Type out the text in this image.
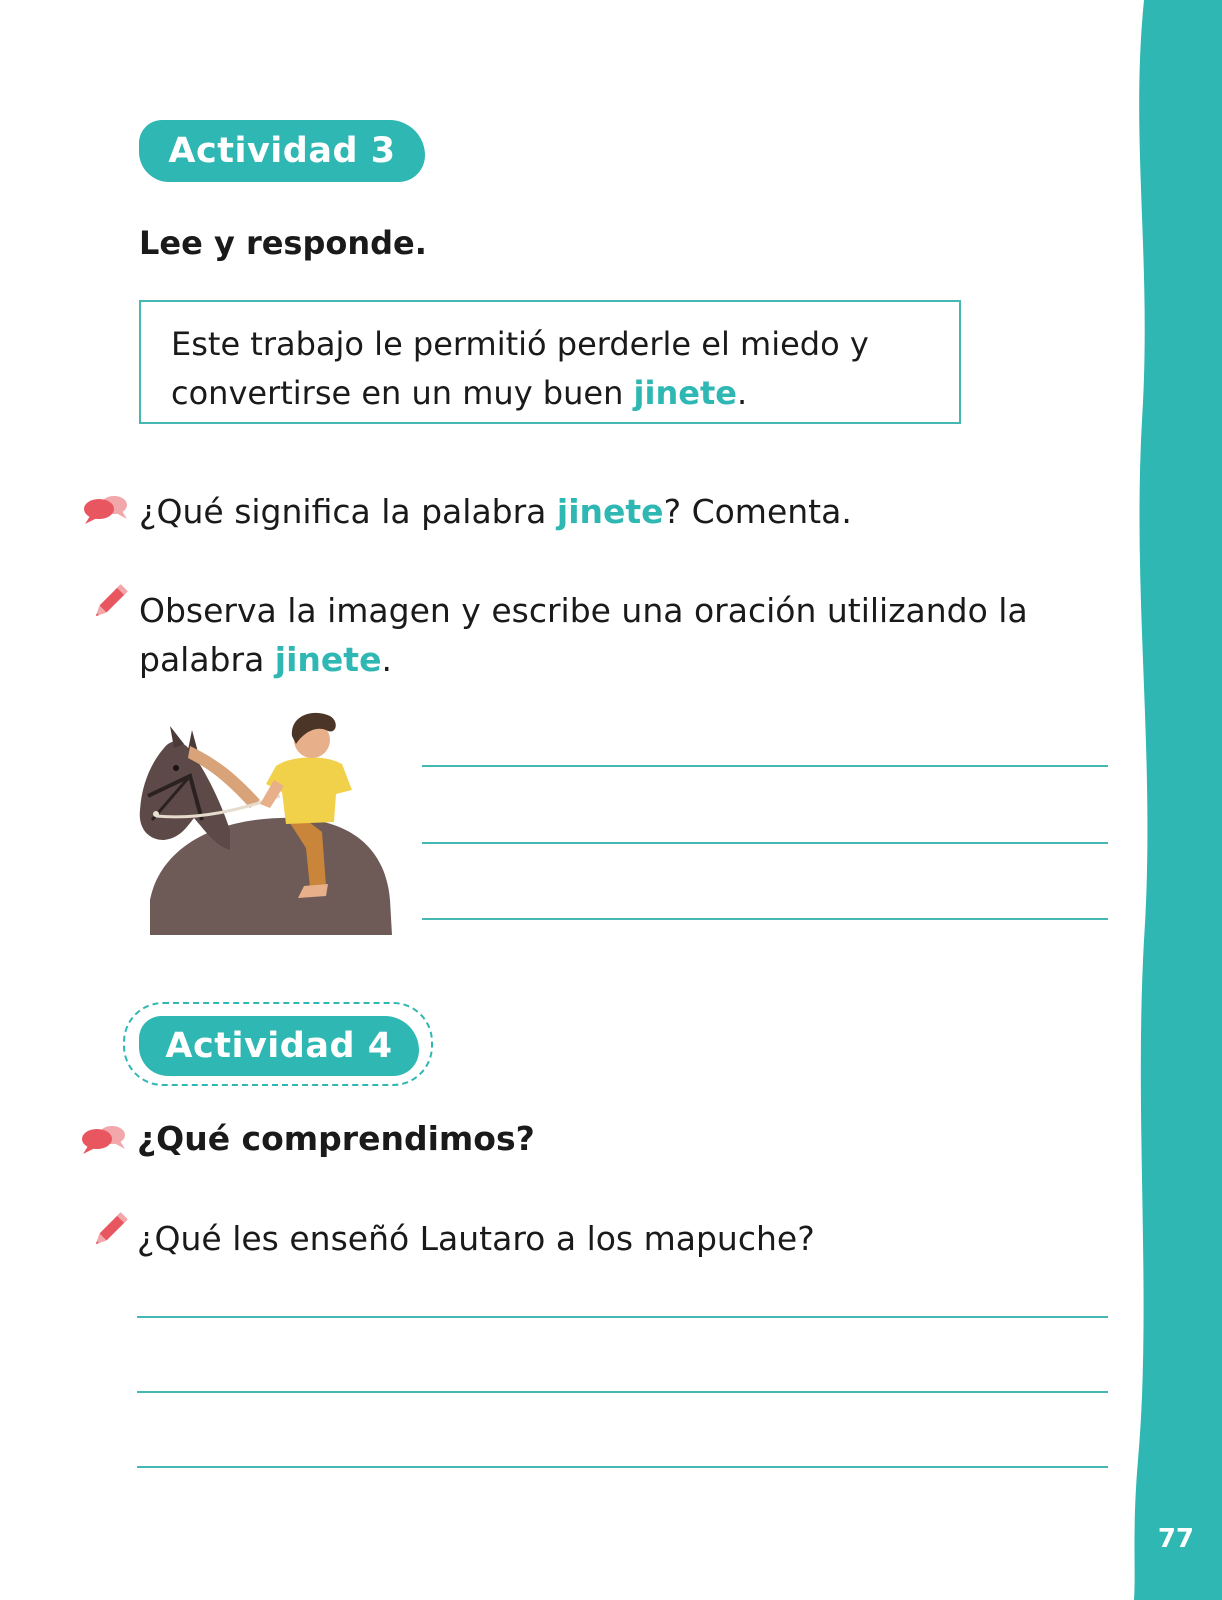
77
Actividad 3
Lee y responde.
Este trabajo le permitió perderle el miedo y
convertirse en un muy buen jinete.
¿Qué significa la palabra jinete? Comenta.
Observa la imagen y escribe una oración utilizando la palabra jinete.
Actividad 4
¿Qué comprendimos?
¿Qué les enseñó Lautaro a los mapuche?
